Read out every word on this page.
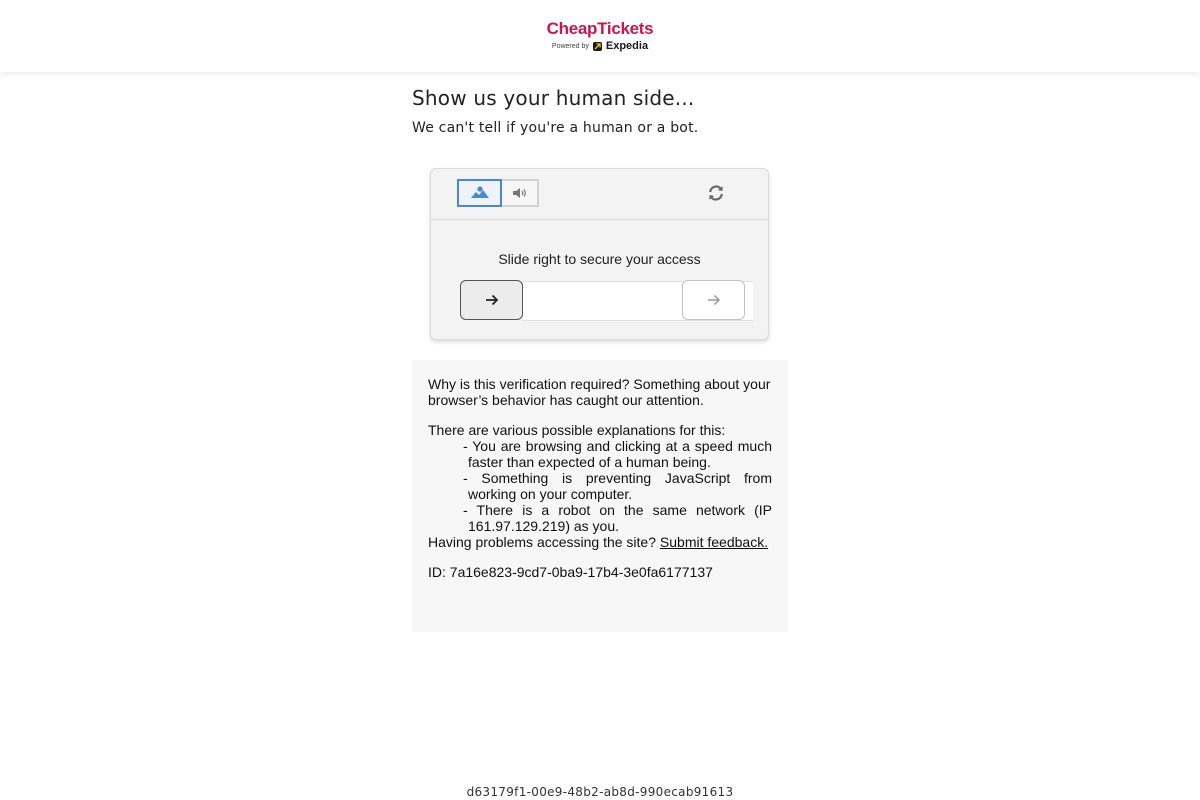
CheapTickets
Powered by Expedia
Show us your human side...
We can't tell if you're a human or a bot.
Slide right to secure your access

Why is this verification required? Something about your browser’s behavior has caught our attention.

There are various possible explanations for this:

- You are browsing and clicking at a speed much faster than expected of a human being.
- Something is preventing JavaScript from working on your computer.
- There is a robot on the same network (IP 161.97.129.219) as you.

Having problems accessing the site? Submit feedback.

ID: 7a16e823-9cd7-0ba9-17b4-3e0fa6177137

d63179f1-00e9-48b2-ab8d-990ecab91613
